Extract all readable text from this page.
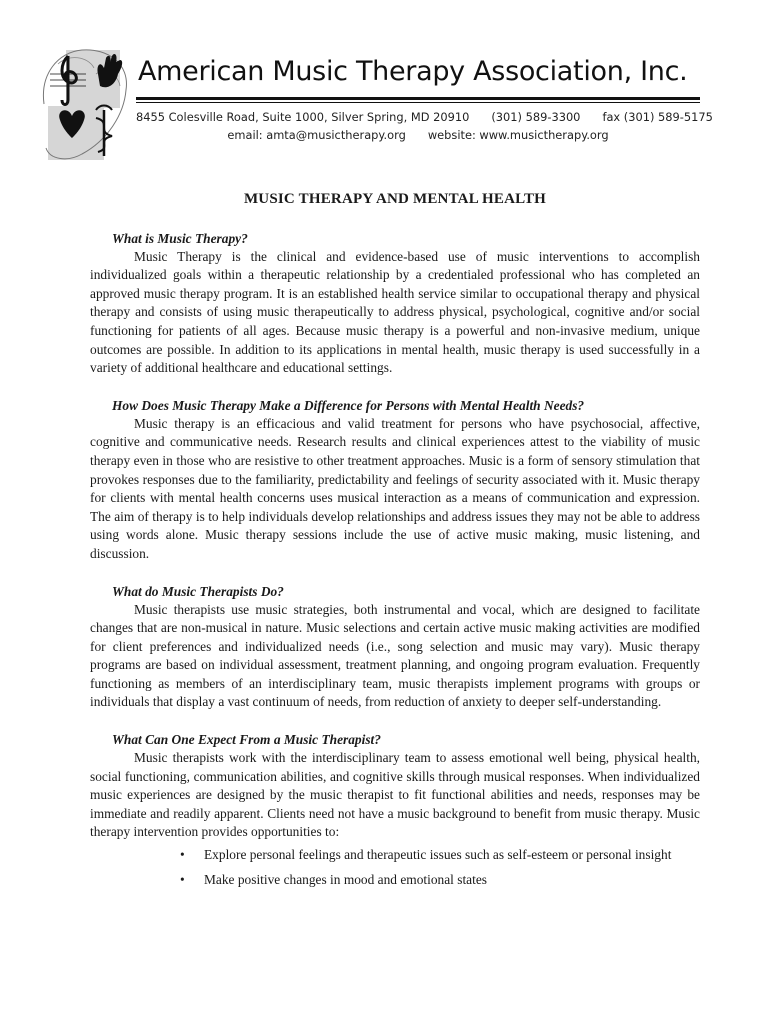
American Music Therapy Association, Inc.
8455 Colesville Road, Suite 1000, Silver Spring, MD 20910 (301) 589-3300 fax (301) 589-5175
email: amta@musictherapy.org website: www.musictherapy.org
MUSIC THERAPY AND MENTAL HEALTH
What is Music Therapy?

Music Therapy is the clinical and evidence-based use of music interventions to accomplish individualized goals within a therapeutic relationship by a credentialed professional who has completed an approved music therapy program. It is an established health service similar to occupational therapy and physical therapy and consists of using music therapeutically to address physical, psychological, cognitive and/or social functioning for patients of all ages. Because music therapy is a powerful and non-invasive medium, unique outcomes are possible. In addition to its applications in mental health, music therapy is used successfully in a variety of additional healthcare and educational settings.

How Does Music Therapy Make a Difference for Persons with Mental Health Needs?

Music therapy is an efficacious and valid treatment for persons who have psychosocial, affective, cognitive and communicative needs. Research results and clinical experiences attest to the viability of music therapy even in those who are resistive to other treatment approaches. Music is a form of sensory stimulation that provokes responses due to the familiarity, predictability and feelings of security associated with it. Music therapy for clients with mental health concerns uses musical interaction as a means of communication and expression. The aim of therapy is to help individuals develop relationships and address issues they may not be able to address using words alone. Music therapy sessions include the use of active music making, music listening, and discussion.

What do Music Therapists Do?

Music therapists use music strategies, both instrumental and vocal, which are designed to facilitate changes that are non-musical in nature. Music selections and certain active music making activities are modified for client preferences and individualized needs (i.e., song selection and music may vary). Music therapy programs are based on individual assessment, treatment planning, and ongoing program evaluation. Frequently functioning as members of an interdisciplinary team, music therapists implement programs with groups or individuals that display a vast continuum of needs, from reduction of anxiety to deeper self-understanding.

What Can One Expect From a Music Therapist?

Music therapists work with the interdisciplinary team to assess emotional well being, physical health, social functioning, communication abilities, and cognitive skills through musical responses. When individualized music experiences are designed by the music therapist to fit functional abilities and needs, responses may be immediate and readily apparent. Clients need not have a music background to benefit from music therapy. Music therapy intervention provides opportunities to:

• Explore personal feelings and therapeutic issues such as self-esteem or personal insight
• Make positive changes in mood and emotional states
